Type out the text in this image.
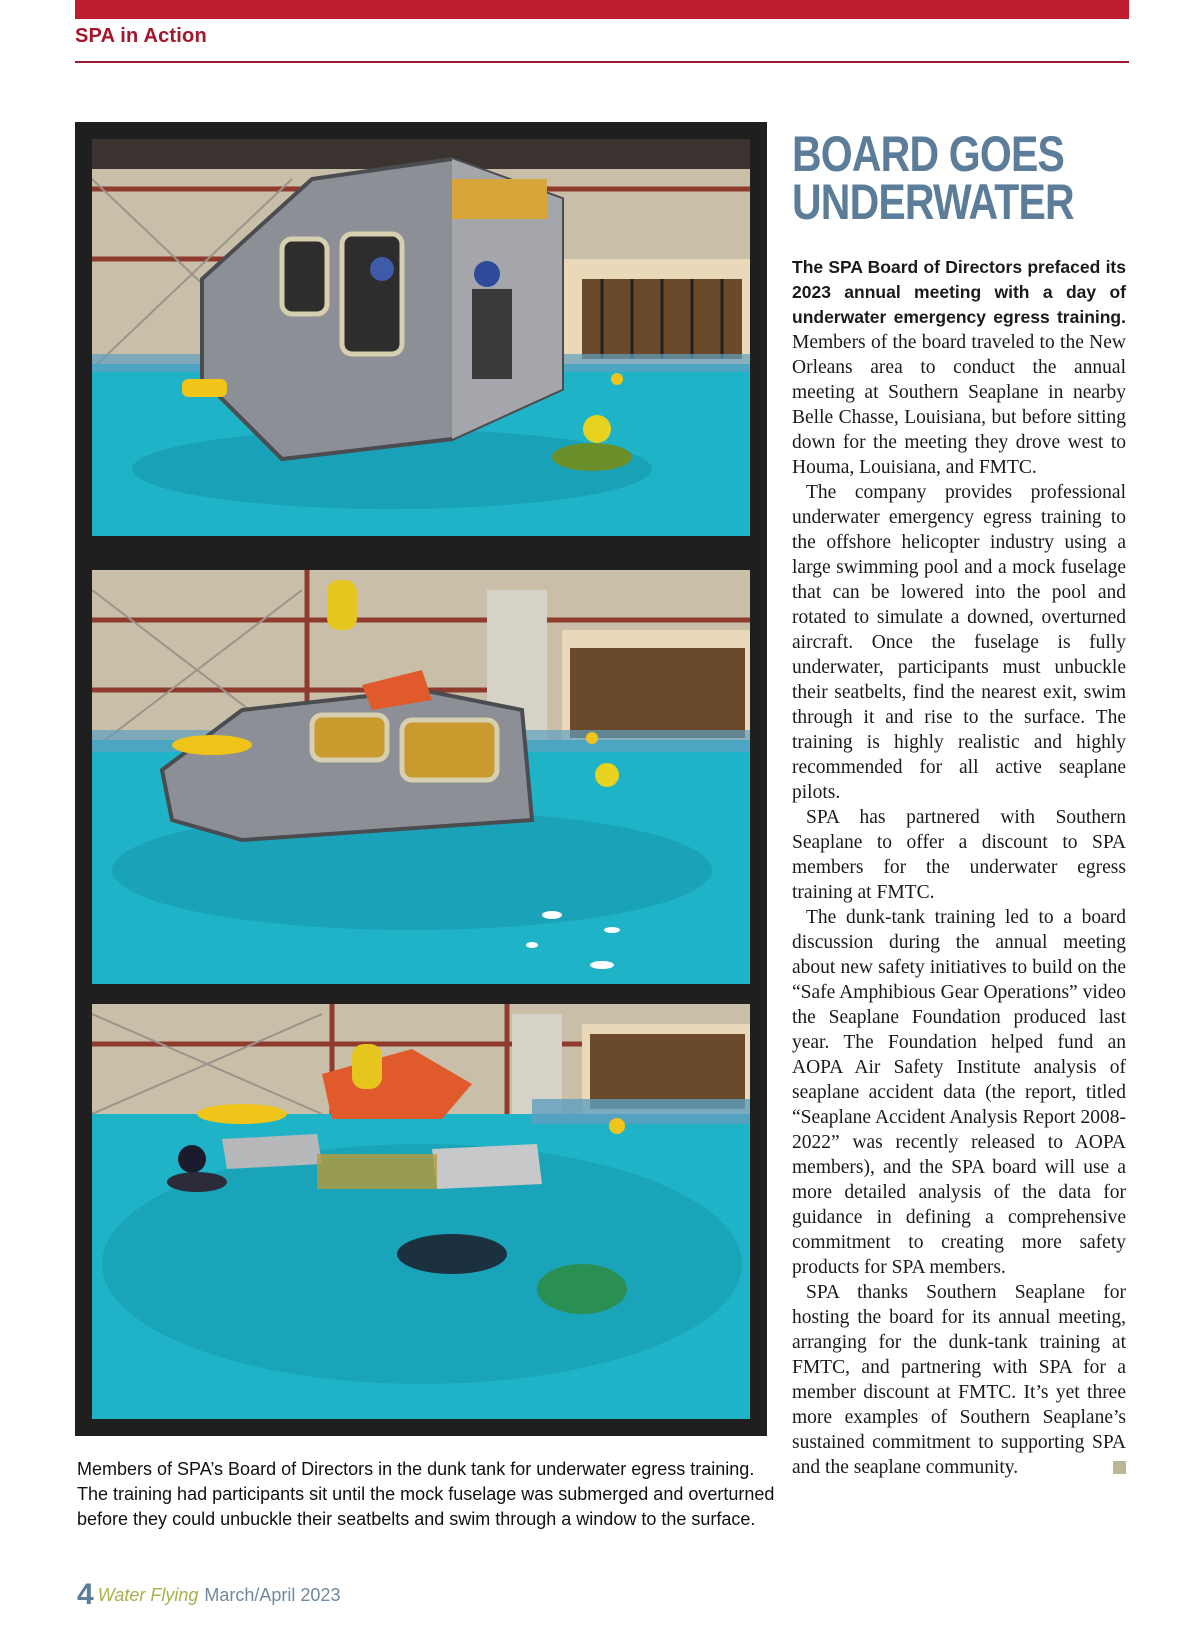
SPA in Action
Members of SPA’s Board of Directors in the dunk tank for underwater egress training. The training had participants sit until the mock fuselage was submerged and overturned before they could unbuckle their seatbelts and swim through a window to the surface.
BOARD GOES UNDERWATER

The SPA Board of Directors prefaced its 2023 annual meeting with a day of underwater emergency egress training. Members of the board traveled to the New Orleans area to conduct the annual meeting at Southern Seaplane in nearby Belle Chasse, Louisiana, but before sitting down for the meeting they drove west to Houma, Louisiana, and FMTC.

The company provides professional underwater emergency egress training to the offshore helicopter industry using a large swimming pool and a mock fuselage that can be lowered into the pool and rotated to simulate a downed, overturned aircraft. Once the fuselage is fully underwater, participants must unbuckle their seatbelts, find the nearest exit, swim through it and rise to the surface. The training is highly realistic and highly recommended for all active seaplane pilots.

SPA has partnered with Southern Seaplane to offer a discount to SPA members for the underwater egress training at FMTC.

The dunk-tank training led to a board discussion during the annual meeting about new safety initiatives to build on the “Safe Amphibious Gear Operations” video the Seaplane Foundation produced last year. The Foundation helped fund an AOPA Air Safety Institute analysis of seaplane accident data (the report, titled “Seaplane Accident Analysis Report 2008-2022” was recently released to AOPA members), and the SPA board will use a more detailed analysis of the data for guidance in defining a comprehensive commitment to creating more safety products for SPA members.

SPA thanks Southern Seaplane for hosting the board for its annual meeting, arranging for the dunk-tank training at FMTC, and partnering with SPA for a member discount at FMTC. It’s yet three more examples of Southern Seaplane’s sustained commitment to supporting SPA and the seaplane community.

4 Water Flying March/April 2023
